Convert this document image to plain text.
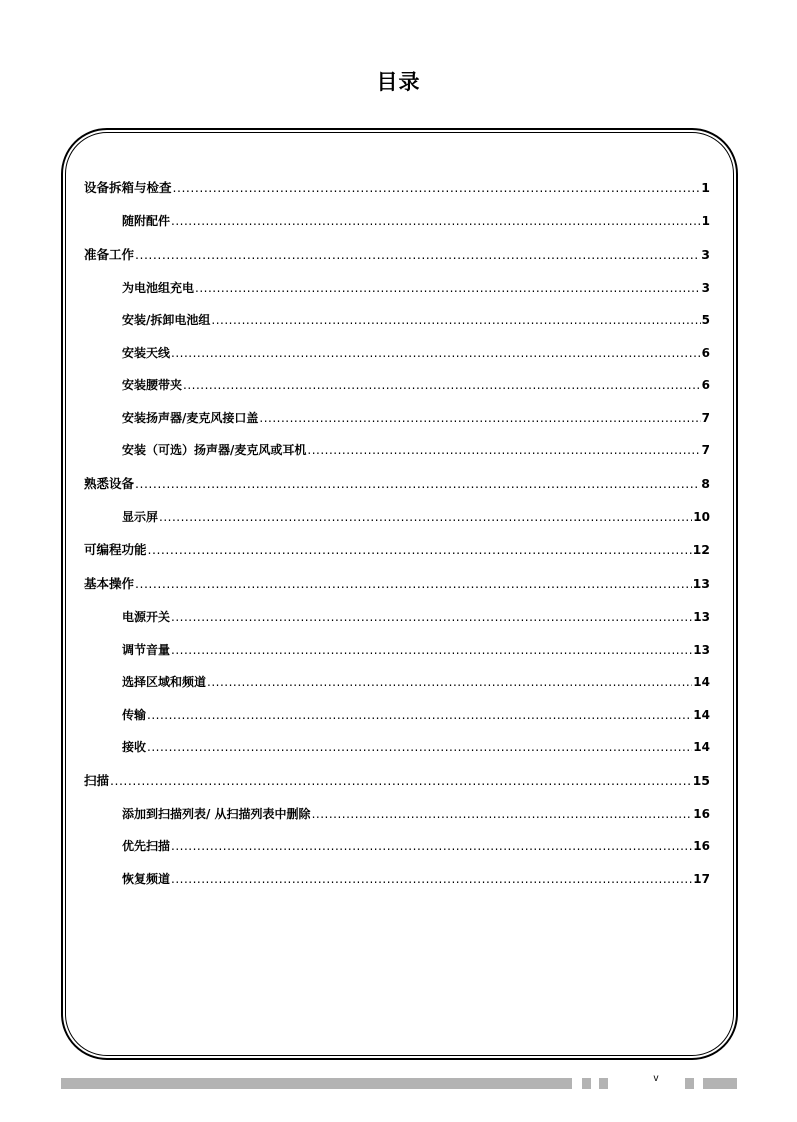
目录
设备拆箱与检查 .....	1
随附配件 .....	1
准备工作 .....	3
为电池组充电 .....	3
安装/拆卸电池组 .....	5
安装天线 .....	6
安装腰带夹 .....	6
安装扬声器/麦克风接口盖 .....	7
安装（可选）扬声器/麦克风或耳机 .....	7
熟悉设备 .....	8
显示屏 .....	10
可编程功能 .....	12
基本操作 .....	13
电源开关 .....	13
调节音量 .....	13
选择区域和频道 .....	14
传输 .....	14
接收 .....	14
扫描 .....	15
添加到扫描列表/ 从扫描列表中删除 .....	16
优先扫描 .....	16
恢复频道 .....	17
v
